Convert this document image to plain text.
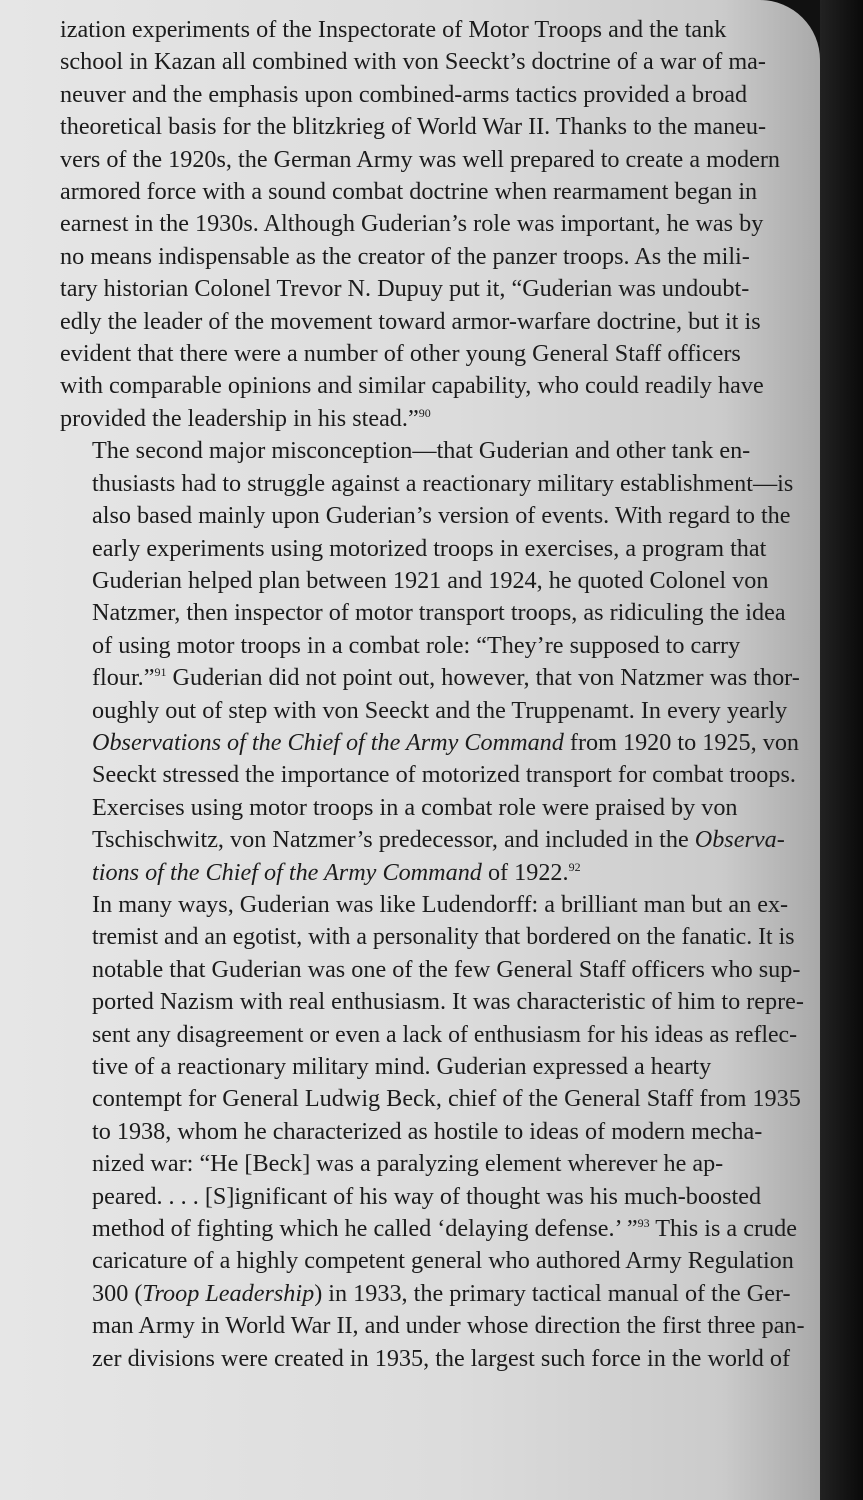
ization experiments of the Inspectorate of Motor Troops and the tank
school in Kazan all combined with von Seeckt’s doctrine of a war of ma-
neuver and the emphasis upon combined-arms tactics provided a broad
theoretical basis for the blitzkrieg of World War II. Thanks to the maneu-
vers of the 1920s, the German Army was well prepared to create a modern
armored force with a sound combat doctrine when rearmament began in
earnest in the 1930s. Although Guderian’s role was important, he was by
no means indispensable as the creator of the panzer troops. As the mili-
tary historian Colonel Trevor N. Dupuy put it, “Guderian was undoubt-
edly the leader of the movement toward armor-warfare doctrine, but it is
evident that there were a number of other young General Staff officers
with comparable opinions and similar capability, who could readily have
provided the leadership in his stead.”$^{90}$

The second major misconception—that Guderian and other tank en-
thusiasts had to struggle against a reactionary military establishment—is
also based mainly upon Guderian’s version of events. With regard to the
early experiments using motorized troops in exercises, a program that
Guderian helped plan between 1921 and 1924, he quoted Colonel von
Natzmer, then inspector of motor transport troops, as ridiculing the idea
of using motor troops in a combat role: “They’re supposed to carry
flour.”$^{91}$ Guderian did not point out, however, that von Natzmer was thor-
oughly out of step with von Seeckt and the Truppenamt. In every yearly
Observations of the Chief of the Army Command from 1920 to 1925, von
Seeckt stressed the importance of motorized transport for combat troops.
Exercises using motor troops in a combat role were praised by von
Tschischwitz, von Natzmer’s predecessor, and included in the Observa-
tions of the Chief of the Army Command of 1922.92

In many ways, Guderian was like Ludendorff: a brilliant man but an ex-
tremist and an egotist, with a personality that bordered on the fanatic. It is
notable that Guderian was one of the few General Staff officers who sup-
ported Nazism with real enthusiasm. It was characteristic of him to repre-
sent any disagreement or even a lack of enthusiasm for his ideas as reflec-
tive of a reactionary military mind. Guderian expressed a hearty
contempt for General Ludwig Beck, chief of the General Staff from 1935
to 1938, whom he characterized as hostile to ideas of modern mecha-
nized war: “He [Beck] was a paralyzing element wherever he ap-
peared. . . . [S]ignificant of his way of thought was his much-boosted
method of fighting which he called ‘delaying defense.’ ”$^{93}$ This is a crude
caricature of a highly competent general who authored Army Regulation
300 (Troop Leadership) in 1933, the primary tactical manual of the Ger-
man Army in World War II, and under whose direction the first three pan-
zer divisions were created in 1935, the largest such force in the world of
